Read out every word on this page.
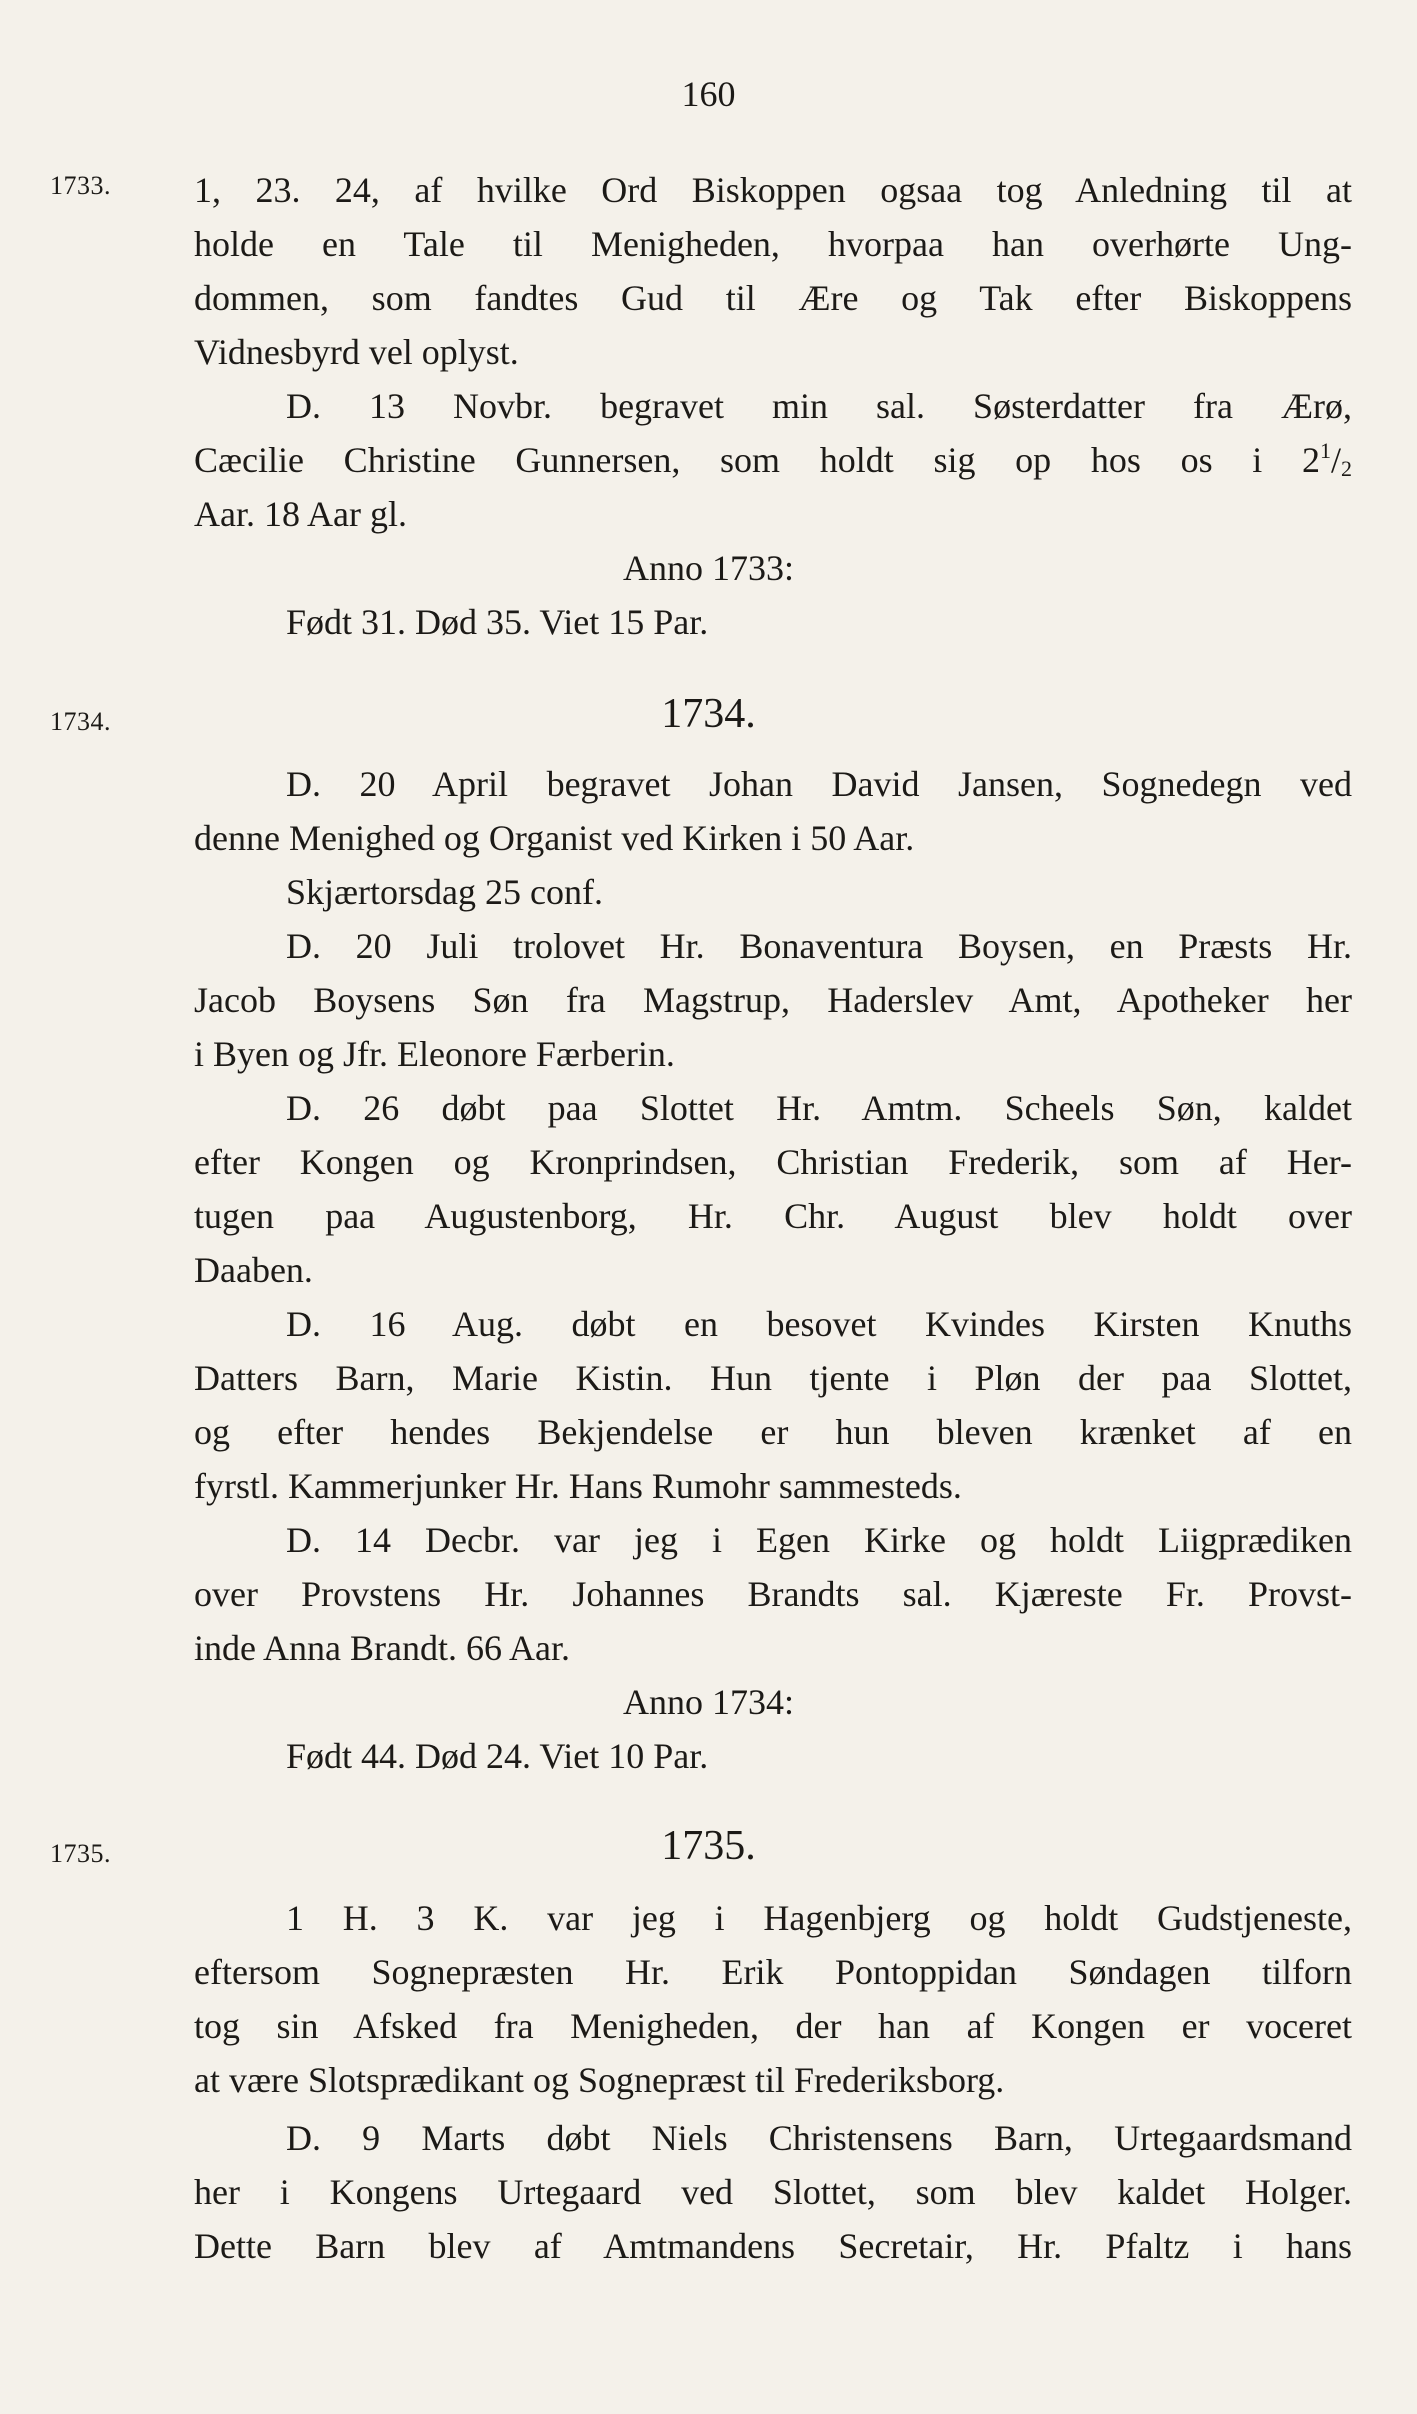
160
1733.
1734.
1735.
1, 23. 24, af hvilke Ord Biskoppen ogsaa tog Anledning til at
holde en Tale til Menigheden, hvorpaa han overhørte Ung-
dommen, som fandtes Gud til Ære og Tak efter Biskoppens
Vidnesbyrd vel oplyst.
D. 13 Novbr. begravet min sal. Søsterdatter fra Ærø,
Cæcilie Christine Gunnersen, som holdt sig op hos os i $2^1/_2$
Aar. 18 Aar gl.
Anno 1733:
Født 31. Død 35. Viet 15 Par.
1734.
D. 20 April begravet Johan David Jansen, Sognedegn ved
denne Menighed og Organist ved Kirken i 50 Aar.
Skjærtorsdag 25 conf.
D. 20 Juli trolovet Hr. Bonaventura Boysen, en Præsts Hr.
Jacob Boysens Søn fra Magstrup, Haderslev Amt, Apotheker her
i Byen og Jfr. Eleonore Færberin.
D. 26 døbt paa Slottet Hr. Amtm. Scheels Søn, kaldet
efter Kongen og Kronprindsen, Christian Frederik, som af Her-
tugen paa Augustenborg, Hr. Chr. August blev holdt over
Daaben.
D. 16 Aug. døbt en besovet Kvindes Kirsten Knuths
Datters Barn, Marie Kistin. Hun tjente i Pløn der paa Slottet,
og efter hendes Bekjendelse er hun bleven krænket af en
fyrstl. Kammerjunker Hr. Hans Rumohr sammesteds.
D. 14 Decbr. var jeg i Egen Kirke og holdt Liigprædiken
over Provstens Hr. Johannes Brandts sal. Kjæreste Fr. Provst-
inde Anna Brandt. 66 Aar.
Anno 1734:
Født 44. Død 24. Viet 10 Par.
1735.
1 H. 3 K. var jeg i Hagenbjerg og holdt Gudstjeneste,
eftersom Sognepræsten Hr. Erik Pontoppidan Søndagen tilforn
tog sin Afsked fra Menigheden, der han af Kongen er voceret
at være Slotsprædikant og Sognepræst til Frederiksborg.
D. 9 Marts døbt Niels Christensens Barn, Urtegaardsmand
her i Kongens Urtegaard ved Slottet, som blev kaldet Holger.
Dette Barn blev af Amtmandens Secretair, Hr. Pfaltz i hans
